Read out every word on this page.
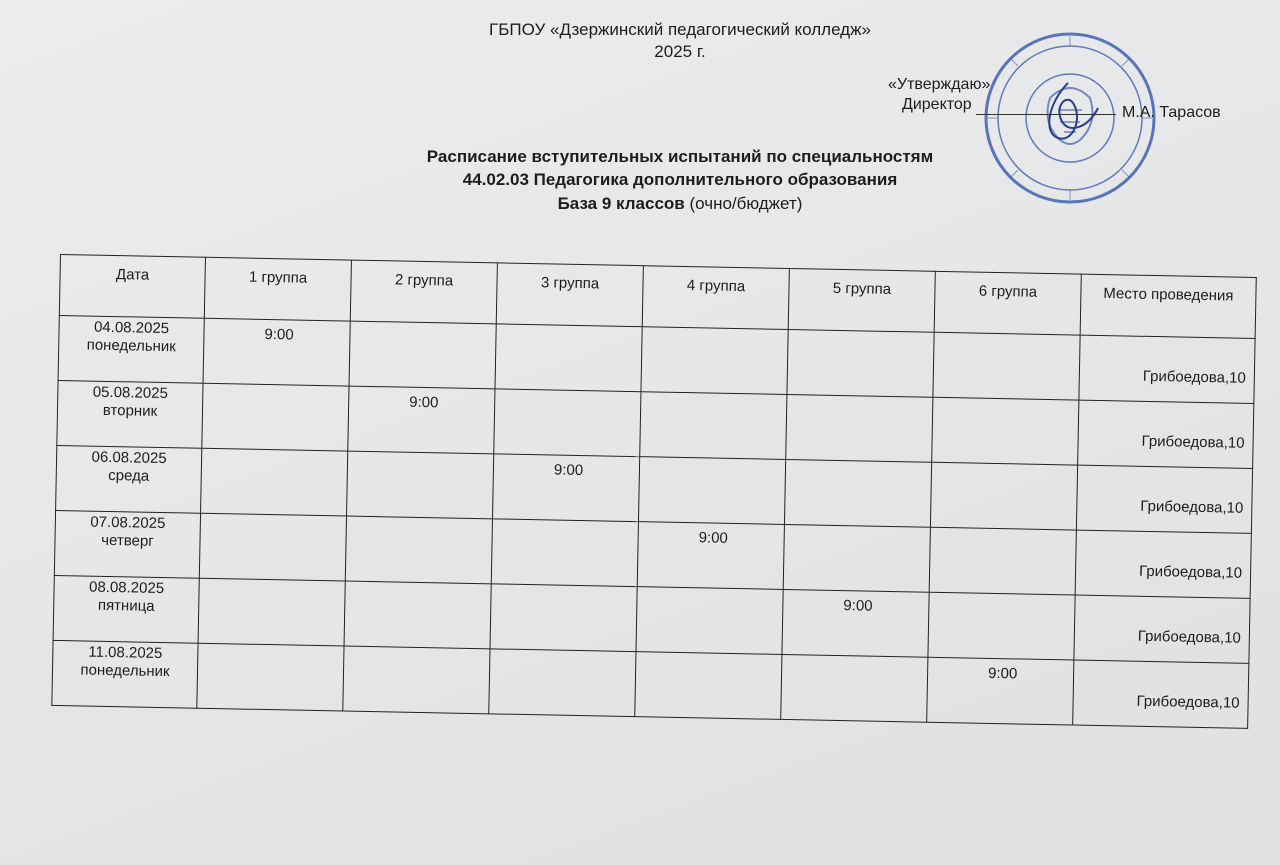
ГБПОУ «Дзержинский педагогический колледж»
2025 г.
«Утверждаю»
Директор	М.А. Тарасов
Расписание вступительных испытаний по специальностям
44.02.03 Педагогика дополнительного образования
База 9 классов (очно/бюджет)
Дата	1 группа	2 группа	3 группа	4 группа	5 группа	6 группа	Место проведения

04.08.2025
понедельник	9:00						Грибоедова,10

05.08.2025
вторник		9:00					Грибоедова,10

06.08.2025
среда			9:00				Грибоедова,10

07.08.2025
четверг				9:00			Грибоедова,10

08.08.2025
пятница					9:00		Грибоедова,10

11.08.2025
понедельник						9:00	Грибоедова,10
